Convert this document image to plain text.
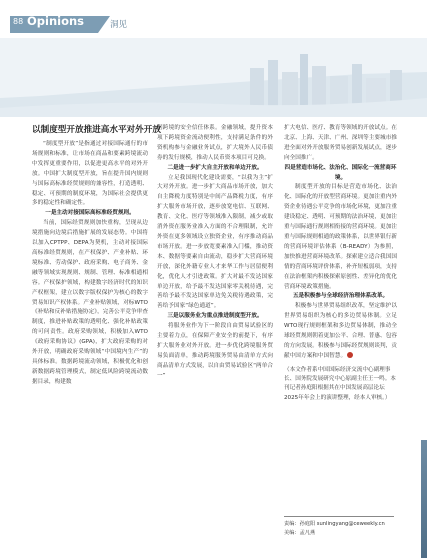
88 Opinions	洞见
以制度型开放推进高水平对外开放

“制度型开放”是指通过对接国际通行的市场规则和标准，让市场在商品和要素跨境流动中发挥更重要作用，以促进更高水平的对外开放。中国扩大制度型开放，旨在提升国内规则与国际高标准经贸规则的兼容性，打造透明、稳定、可预期的制度环境，为国际社会提供更多的稳定性和确定性。

一是主动对接国际高标准经贸规则。

当前，国际经贸规则加快重构，呈现从边境措施向边境后措施扩展的发展态势。中国将以加入CPTPP、DEPA为契机，主动对接国际高标准经贸规则，在产权保护、产业补贴、环境标准、劳动保护、政府采购、电子商务、金融等领域实现规则、规制、管理、标准相通相容。产权保护领域，构建数字经济时代的知识产权框架，建立以数字版权保护为核心的数字贸易知识产权体系。产业补贴领域，对标WTO《补贴和反补贴措施协定》，完善公平竞争审查制度，推进补贴政策的透明化、强化补贴政策的可问责性。政府采购领域，积极加入WTO《政府采购协议》(GPA)，扩大政府采购的对外开放，明确政府采购领域“中国境内生产”的具体标准。数据跨境流动领域，积极优化和创新数据跨境管理模式，制定低风险跨境流动数据目录，构建数

据跨境的安全信任体系。金融领域，提升资本项下跨境资金流动便利性，支持满足条件的外资机构参与金融业务试点，扩大境外人民币债券的发行规模，推动人民币资本项目可兑换。

二是进一步扩大自主开放和单边开放。

立足我国现代化建设需要，“以我为主”扩大对外开放。进一步扩大商品市场开放，加大自主降税力度特别是中间产品降税力度，有序扩大服务市场开放，逐步放宽电信、互联网、教育、文化、医疗等领域准入限制，减少或取消外资在服务业准入方面的不合理限制，允许外资在更多领域设立独资企业，有序推动商品市场开放。进一步放宽要素准入门槛，推动资本、数据等要素自由流动，稳步扩大营商环境开放，深化外籍专业人才来华工作与居留便利化，优化人才引进政策。扩大对最不发达国家单边开放，给予最不发达国家零关税待遇，完善给予最不发达国家单边免关税待遇政策，完善给予国家“绿色通道”。

三是以服务业为重点推进制度型开放。

将服务业作为下一阶段自由贸易试验区的主要着力点，在保障产业安全的前提下，有序扩大服务业对外开放。进一步优化跨境服务贸易负面清单，推动跨境服务贸易由清单方式向商品清单方式发展，以自由贸易试验区“两单合一”

扩大电信、医疗、教育等领域的开放试点。在北京、上海、天津、广州、深圳等主要城市推进全面对外开放服务贸易创新发展试点，逐步向全国推广。

四是营造市场化、法治化、国际化一流营商环境。

制度型开放的目标是营造市场化、法治化、国际化的开放型营商环境。更加注重内外资企业待遇公平竞争的市场化环境，更加注重建设稳定、透明、可预期的法治环境，更加注重与国际通行规则相衔接的营商环境。更加注重与国际规则相通的政策体系，以世界银行新的营商环境评估体系（B-READY）为参照，加快推进营商环境改革。探索建立适合我国国情的营商环境评价体系，补齐短板弱项，支持在法治框架内积极探索原创性、差异化的优化营商环境政策措施。

五是积极参与全球经济治理体系改革。

积极参与世界贸易组织改革，坚定维护以世界贸易组织为核心的多边贸易体制。立足WTO现行规则框架和多边贸易体制，推动全球经贸规则朝着更加公平、合理、普惠、包容的方向发展。积极参与国际经贸规则谈判，贡献中国方案和中国智慧。

（本文作者系中国国际经济交流中心副理事长、国务院发展研究中心原副主任王一鸣。本刊记者孙庭阳根据其在中国发展高层论坛2025年年会上的演讲整理，经本人审核。）
责编：孙庭阳 sunlingyang@ceweekly.cn
美编：孟凡燕
